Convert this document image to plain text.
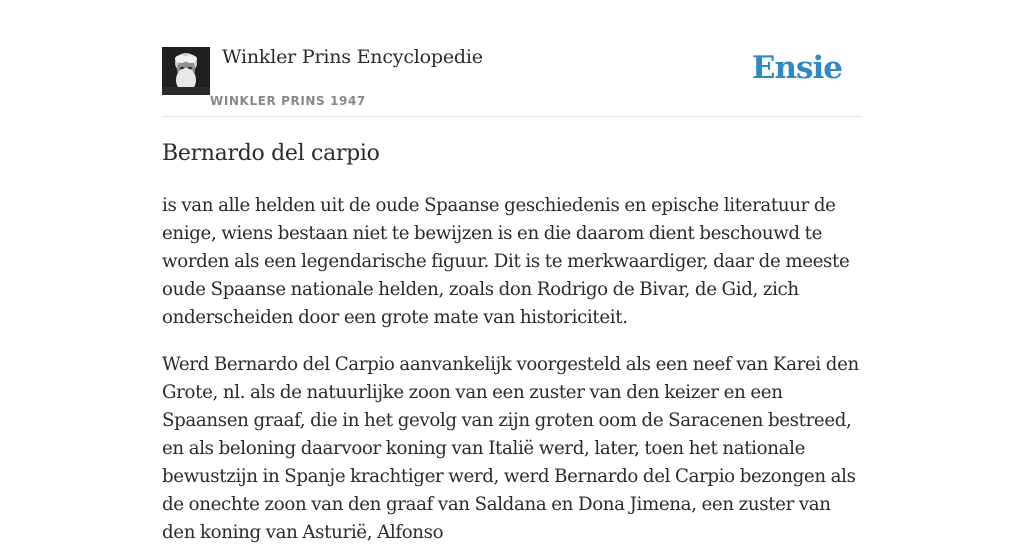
Winkler Prins Encyclopedie
WINKLER PRINS 1947
Ensie
Bernardo del carpio

is van alle helden uit de oude Spaanse geschiedenis en epische literatuur de enige, wiens bestaan niet te bewijzen is en die daarom dient beschouwd te worden als een legendarische figuur. Dit is te merkwaardiger, daar de meeste oude Spaanse nationale helden, zoals don Rodrigo de Bivar, de Gid, zich onderscheiden door een grote mate van historiciteit.

Werd Bernardo del Carpio aanvankelijk voorgesteld als een neef van Karei den Grote, nl. als de natuurlijke zoon van een zuster van den keizer en een Spaansen graaf, die in het gevolg van zijn groten oom de Saracenen bestreed, en als beloning daarvoor koning van Italië werd, later, toen het nationale bewustzijn in Spanje krachtiger werd, werd Bernardo del Carpio bezongen als de onechte zoon van den graaf van Saldana en Dona Jimena, een zuster van den koning van Asturië, Alfonso
